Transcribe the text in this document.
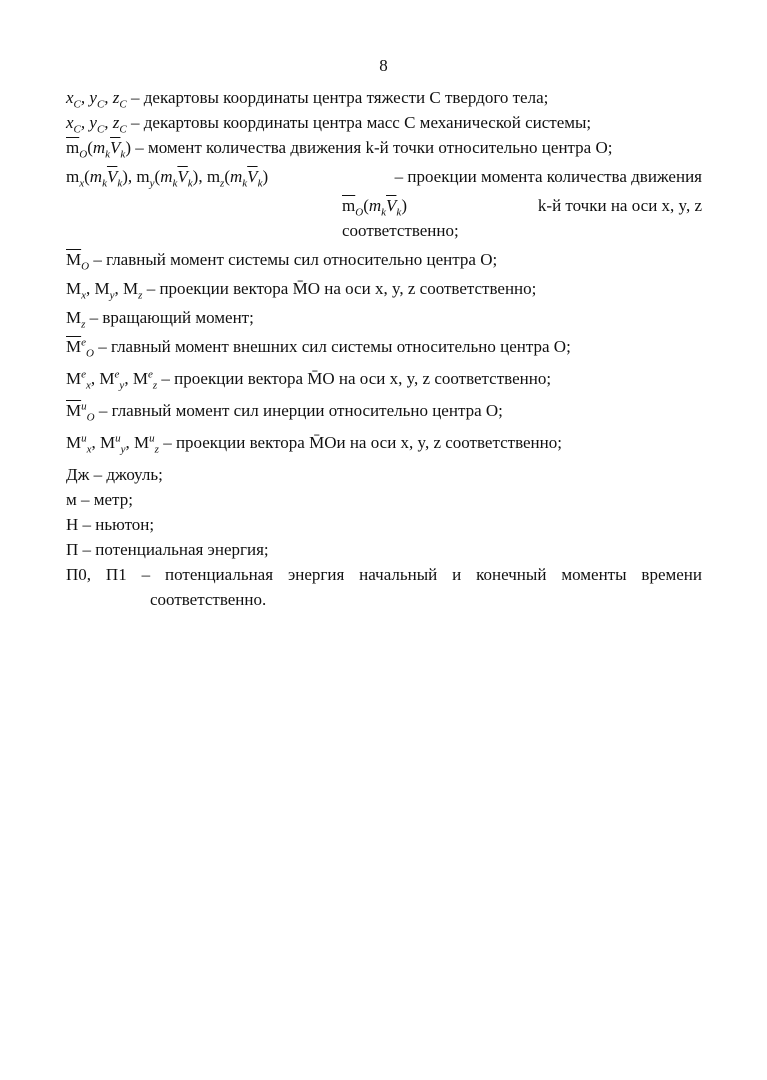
8
$x_C$, $y_C$, $z_C$ – декартовы координаты центра тяжести C твердого тела;
$x_C$, $y_C$, $z_C$ – декартовы координаты центра масс C механической системы;
$\overline{m}_O(m_k\overline{V}_k)$ – момент количества движения k-й точки относительно центра O;
$m_x(m_k\overline{V}_k)$, $m_y(m_k\overline{V}_k)$, $m_z(m_k\overline{V}_k)$	– проекции момента количества движения
$\overline{m}_O(m_k\overline{V}_k)$	k-й точки на оси x, y, z
соответственно;
$\overline{M}_O$ – главный момент системы сил относительно центра O;
$M_x$, $M_y$, $M_z$ – проекции вектора M̄O на оси x, y, z соответственно;
$M_z$ – вращающий момент;
$\overline{M}^e_O$ – главный момент внешних сил системы относительно центра O;
$M^e_x$, $M^e_y$, $M^e_z$ – проекции вектора M̄O на оси x, y, z соответственно;
$\overline{M}^и_O$ – главный момент сил инерции относительно центра O;
$M^и_x$, $M^и_y$, $M^и_z$ – проекции вектора M̄Oи на оси x, y, z соответственно;
Дж – джоуль;
м – метр;
Н – ньютон;
П – потенциальная энергия;
П0, П1 – потенциальная энергия начальный и конечный моменты времени
соответственно.
